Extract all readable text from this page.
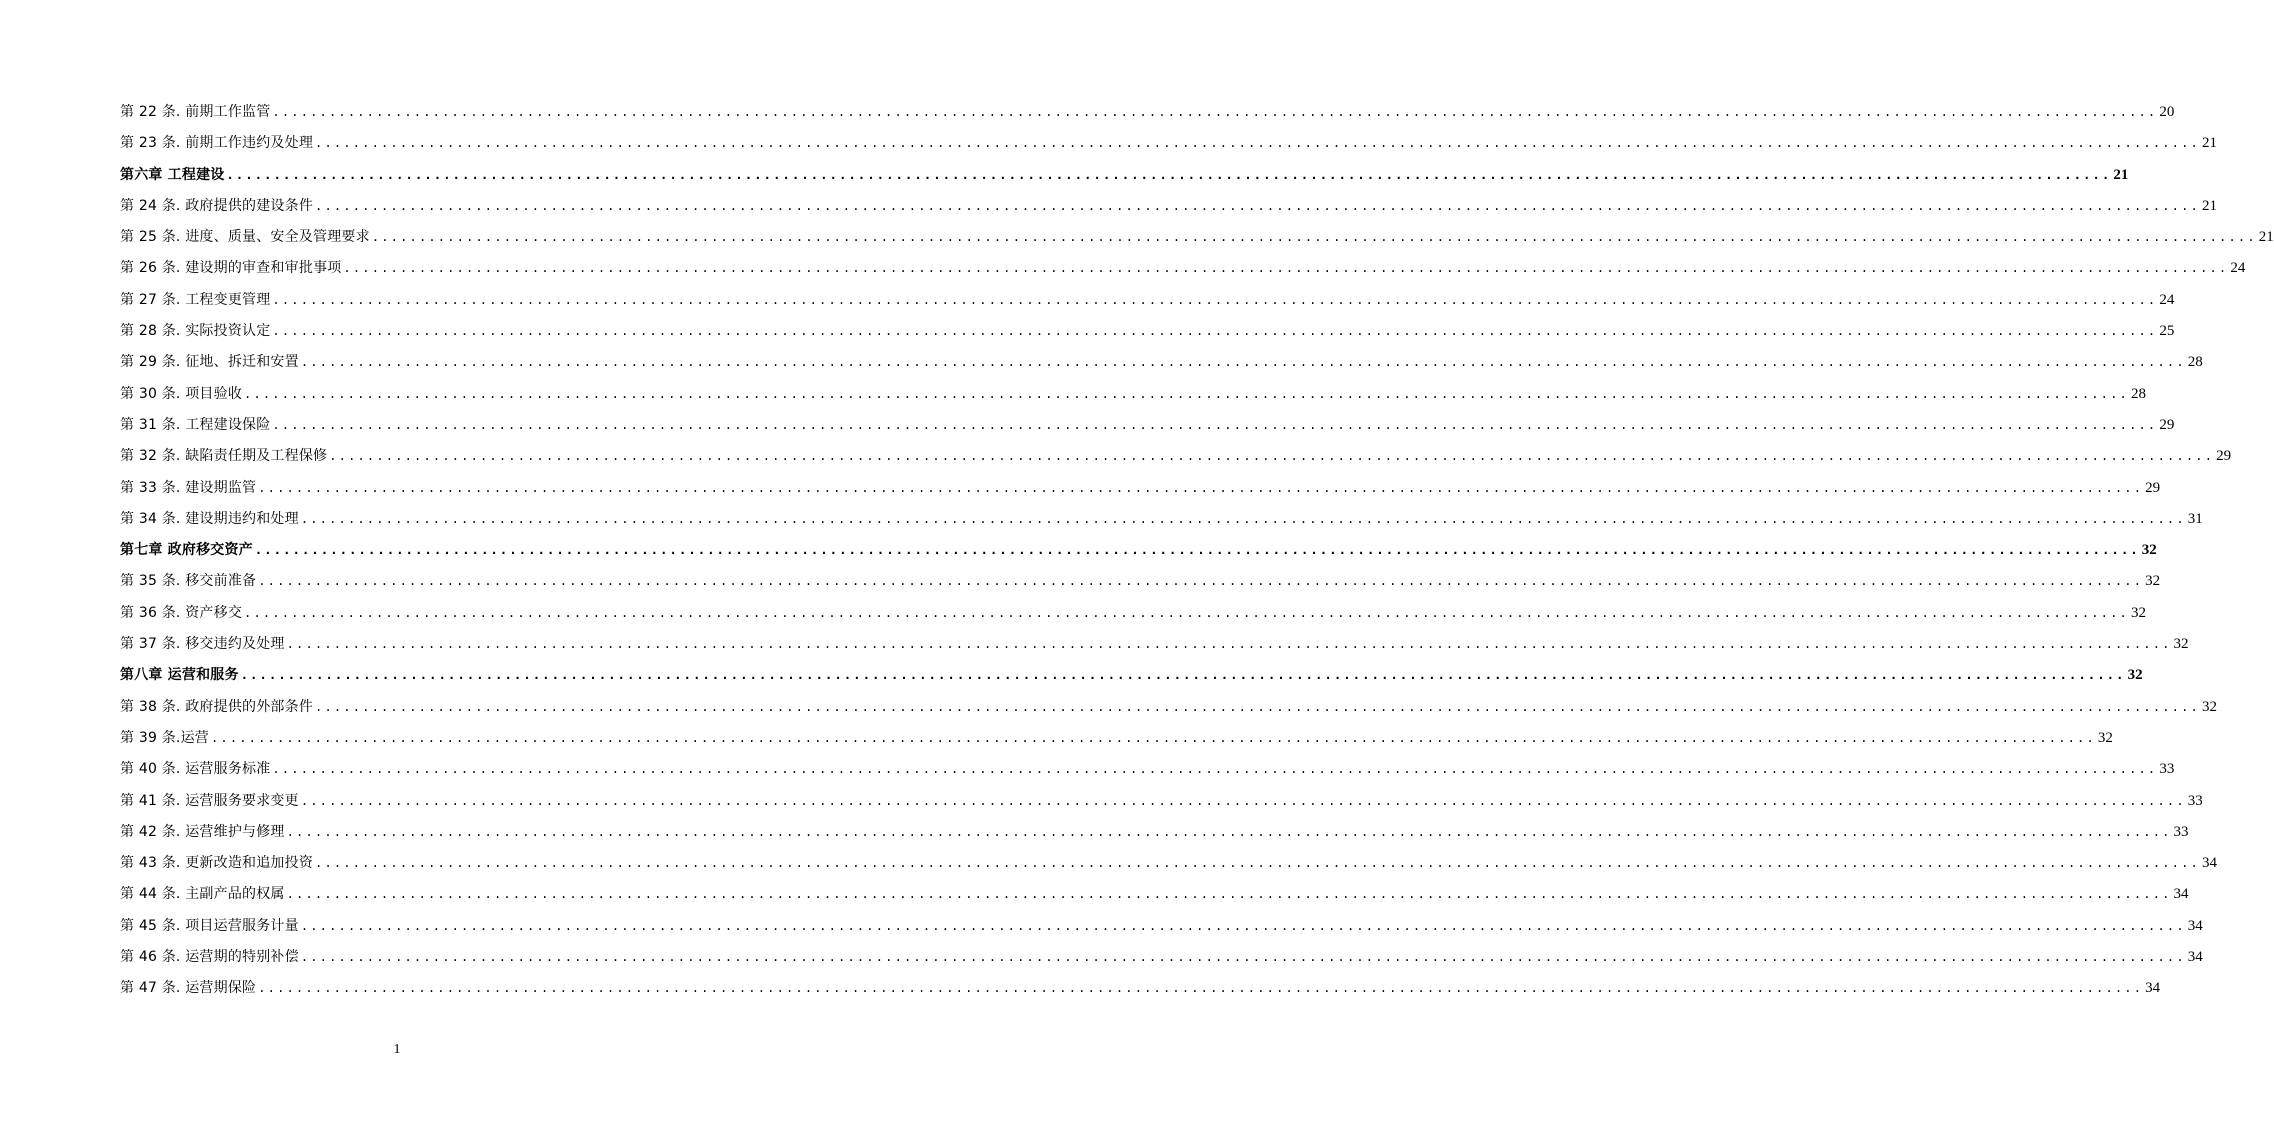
第 22 条. 前期工作监管 ........................................................................................................................................................................................................ 20
第 23 条. 前期工作违约及处理 ........................................................................................................................................................................................................ 21
第六章 工程建设 ........................................................................................................................................................................................................ 21
第 24 条. 政府提供的建设条件 ........................................................................................................................................................................................................ 21
第 25 条. 进度、质量、安全及管理要求 ........................................................................................................................................................................................................ 21
第 26 条. 建设期的审查和审批事项 ........................................................................................................................................................................................................ 24
第 27 条. 工程变更管理 ........................................................................................................................................................................................................ 24
第 28 条. 实际投资认定 ........................................................................................................................................................................................................ 25
第 29 条. 征地、拆迁和安置 ........................................................................................................................................................................................................ 28
第 30 条. 项目验收 ........................................................................................................................................................................................................ 28
第 31 条. 工程建设保险 ........................................................................................................................................................................................................ 29
第 32 条. 缺陷责任期及工程保修 ........................................................................................................................................................................................................ 29
第 33 条. 建设期监管 ........................................................................................................................................................................................................ 29
第 34 条. 建设期违约和处理 ........................................................................................................................................................................................................ 31
第七章 政府移交资产 ........................................................................................................................................................................................................ 32
第 35 条. 移交前准备 ........................................................................................................................................................................................................ 32
第 36 条. 资产移交 ........................................................................................................................................................................................................ 32
第 37 条. 移交违约及处理 ........................................................................................................................................................................................................ 32
第八章 运营和服务 ........................................................................................................................................................................................................ 32
第 38 条. 政府提供的外部条件 ........................................................................................................................................................................................................ 32
第 39 条.运营 ........................................................................................................................................................................................................ 32
第 40 条. 运营服务标准 ........................................................................................................................................................................................................ 33
第 41 条. 运营服务要求变更 ........................................................................................................................................................................................................ 33
第 42 条. 运营维护与修理 ........................................................................................................................................................................................................ 33
第 43 条. 更新改造和追加投资 ........................................................................................................................................................................................................ 34
第 44 条. 主副产品的权属 ........................................................................................................................................................................................................ 34
第 45 条. 项目运营服务计量 ........................................................................................................................................................................................................ 34
第 46 条. 运营期的特别补偿 ........................................................................................................................................................................................................ 34
第 47 条. 运营期保险 ........................................................................................................................................................................................................ 34
1
